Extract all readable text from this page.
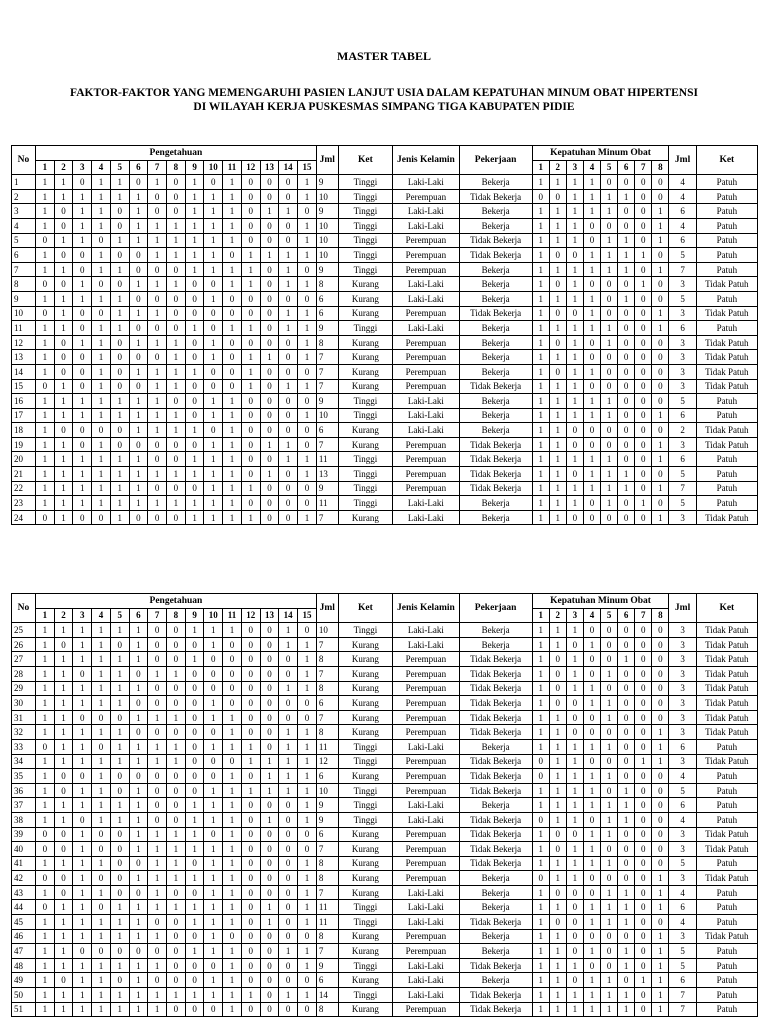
MASTER TABEL
FAKTOR-FAKTOR YANG MEMENGARUHI PASIEN LANJUT USIA DALAM KEPATUHAN MINUM OBAT HIPERTENSI
DI WILAYAH KERJA PUSKESMAS SIMPANG TIGA KABUPATEN PIDIE
No	Pengetahuan															Jml	Ket	Jenis Kelamin	Pekerjaan	Kepatuhan Minum Obat								Jml	Ket
	1	2	3	4	5	6	7	8	9	10	11	12	13	14	15					1	2	3	4	5	6	7	8		
1	1	1	0	1	1	0	1	0	1	0	1	0	0	0	1	9	Tinggi	Laki-Laki	Bekerja	1	1	1	1	0	0	0	0	4	Patuh
2	1	1	1	1	1	1	0	0	1	1	1	0	0	0	1	10	Tinggi	Perempuan	Tidak Bekerja	0	0	1	1	1	1	0	0	4	Patuh
3	1	0	1	1	0	1	0	0	1	1	1	0	1	1	0	9	Tinggi	Laki-Laki	Bekerja	1	1	1	1	1	0	0	1	6	Patuh
4	1	0	1	1	0	1	1	1	1	1	1	0	0	0	1	10	Tinggi	Laki-Laki	Bekerja	1	1	1	0	0	0	0	1	4	Patuh
5	0	1	1	0	1	1	1	1	1	1	1	0	0	0	1	10	Tinggi	Perempuan	Tidak Bekerja	1	1	1	0	1	1	0	1	6	Patuh
6	1	0	0	1	0	0	1	1	1	1	0	1	1	1	1	10	Tinggi	Perempuan	Tidak Bekerja	1	0	0	1	1	1	1	0	5	Patuh
7	1	1	0	1	1	0	0	0	1	1	1	1	0	1	0	9	Tinggi	Perempuan	Bekerja	1	1	1	1	1	1	0	1	7	Patuh
8	0	0	1	0	0	1	1	1	0	0	1	1	0	1	1	8	Kurang	Laki-Laki	Bekerja	1	0	1	0	0	0	1	0	3	Tidak Patuh
9	1	1	1	1	1	0	0	0	0	1	0	0	0	0	0	6	Kurang	Laki-Laki	Bekerja	1	1	1	1	0	1	0	0	5	Patuh
10	0	1	0	0	1	1	1	0	0	0	0	0	0	1	1	6	Kurang	Perempuan	Tidak Bekerja	1	0	0	1	0	0	0	1	3	Tidak Patuh
11	1	1	0	1	1	0	0	0	1	0	1	1	0	1	1	9	Tinggi	Laki-Laki	Bekerja	1	1	1	1	1	0	0	1	6	Patuh
12	1	0	1	1	0	1	1	1	0	1	0	0	0	0	1	8	Kurang	Perempuan	Bekerja	1	0	1	0	1	0	0	0	3	Tidak Patuh
13	1	0	0	1	0	0	0	1	0	1	0	1	1	0	1	7	Kurang	Perempuan	Bekerja	1	1	1	0	0	0	0	0	3	Tidak Patuh
14	1	0	0	1	0	1	1	1	1	0	0	1	0	0	0	7	Kurang	Perempuan	Bekerja	1	0	1	1	0	0	0	0	3	Tidak Patuh
15	0	1	0	1	0	0	1	1	0	0	0	1	0	1	1	7	Kurang	Perempuan	Tidak Bekerja	1	1	1	0	0	0	0	0	3	Tidak Patuh
16	1	1	1	1	1	1	1	0	0	1	1	0	0	0	0	9	Tinggi	Laki-Laki	Bekerja	1	1	1	1	1	0	0	0	5	Patuh
17	1	1	1	1	1	1	1	1	0	1	1	0	0	0	1	10	Tinggi	Laki-Laki	Bekerja	1	1	1	1	1	0	0	1	6	Patuh
18	1	0	0	0	0	1	1	1	1	0	1	0	0	0	0	6	Kurang	Laki-Laki	Bekerja	1	1	0	0	0	0	0	0	2	Tidak Patuh
19	1	1	0	1	0	0	0	0	0	1	1	0	1	1	0	7	Kurang	Perempuan	Tidak Bekerja	1	1	0	0	0	0	0	1	3	Tidak Patuh
20	1	1	1	1	1	1	0	0	1	1	1	0	0	1	1	11	Tinggi	Perempuan	Tidak Bekerja	1	1	1	1	1	0	0	1	6	Patuh
21	1	1	1	1	1	1	1	1	1	1	1	0	1	0	1	13	Tinggi	Perempuan	Tidak Bekerja	1	1	0	1	1	1	0	0	5	Patuh
22	1	1	1	1	1	1	0	0	0	1	1	1	0	0	0	9	Tinggi	Perempuan	Tidak Bekerja	1	1	1	1	1	1	0	1	7	Patuh
23	1	1	1	1	1	1	1	1	1	1	1	0	0	0	0	11	Tinggi	Laki-Laki	Bekerja	1	1	1	0	1	0	1	0	5	Patuh
24	0	1	0	0	1	0	0	0	1	1	1	1	0	0	1	7	Kurang	Laki-Laki	Bekerja	1	1	0	0	0	0	0	1	3	Tidak Patuh
No	Pengetahuan															Jml	Ket	Jenis Kelamin	Pekerjaan	Kepatuhan Minum Obat								Jml	Ket
	1	2	3	4	5	6	7	8	9	10	11	12	13	14	15					1	2	3	4	5	6	7	8		
25	1	1	1	1	1	1	0	0	1	1	1	0	0	1	0	10	Tinggi	Laki-Laki	Bekerja	1	1	1	0	0	0	0	0	3	Tidak Patuh
26	1	0	1	1	0	1	0	0	0	1	0	0	0	1	1	7	Kurang	Laki-Laki	Bekerja	1	1	0	1	0	0	0	0	3	Tidak Patuh
27	1	1	1	1	1	1	0	0	1	0	0	0	0	0	1	8	Kurang	Perempuan	Tidak Bekerja	1	0	1	0	0	1	0	0	3	Tidak Patuh
28	1	1	0	1	1	0	1	1	0	0	0	0	0	0	1	7	Kurang	Perempuan	Tidak Bekerja	1	0	1	0	1	0	0	0	3	Tidak Patuh
29	1	1	1	1	1	1	0	0	0	0	0	0	0	1	1	8	Kurang	Perempuan	Tidak Bekerja	1	0	1	1	0	0	0	0	3	Tidak Patuh
30	1	1	1	1	1	0	0	0	0	1	0	0	0	0	0	6	Kurang	Perempuan	Tidak Bekerja	1	0	0	1	1	0	0	0	3	Tidak Patuh
31	1	1	0	0	0	1	1	1	0	1	1	0	0	0	0	7	Kurang	Perempuan	Tidak Bekerja	1	1	0	0	1	0	0	0	3	Tidak Patuh
32	1	1	1	1	1	0	0	0	0	0	1	0	0	1	1	8	Kurang	Perempuan	Tidak Bekerja	1	1	0	0	0	0	0	1	3	Tidak Patuh
33	0	1	1	0	1	1	1	1	0	1	1	1	0	1	1	11	Tinggi	Laki-Laki	Bekerja	1	1	1	1	1	0	0	1	6	Patuh
34	1	1	1	1	1	1	1	1	0	0	0	1	1	1	1	12	Tinggi	Perempuan	Tidak Bekerja	0	1	1	0	0	0	1	1	3	Tidak Patuh
35	1	0	0	1	0	0	0	0	0	0	1	0	1	1	1	6	Kurang	Perempuan	Tidak Bekerja	0	1	1	1	1	0	0	0	4	Patuh
36	1	0	1	1	0	1	0	0	0	1	1	1	1	1	1	10	Tinggi	Perempuan	Tidak Bekerja	1	1	1	1	0	1	0	0	5	Patuh
37	1	1	1	1	1	1	0	0	1	1	1	0	0	0	1	9	Tinggi	Laki-Laki	Bekerja	1	1	1	1	1	1	0	0	6	Patuh
38	1	1	0	1	1	1	0	0	1	1	1	0	1	0	1	9	Tinggi	Laki-Laki	Tidak Bekerja	0	1	1	0	1	1	0	0	4	Patuh
39	0	0	1	0	0	1	1	1	1	0	1	0	0	0	0	6	Kurang	Perempuan	Tidak Bekerja	1	0	0	1	1	0	0	0	3	Tidak Patuh
40	0	0	1	0	0	1	1	1	1	1	1	0	0	0	0	7	Kurang	Perempuan	Tidak Bekerja	1	0	1	1	0	0	0	0	3	Tidak Patuh
41	1	1	1	1	0	0	1	1	0	1	1	0	0	0	1	8	Kurang	Perempuan	Tidak Bekerja	1	1	1	1	1	0	0	0	5	Patuh
42	0	0	1	0	0	1	1	1	1	1	1	0	0	0	1	8	Kurang	Perempuan	Bekerja	0	1	1	0	0	0	0	1	3	Tidak Patuh
43	1	0	1	1	0	0	1	0	0	1	1	0	0	0	1	7	Kurang	Laki-Laki	Bekerja	1	0	0	0	1	1	0	1	4	Patuh
44	0	1	1	0	1	1	1	1	1	1	1	0	1	0	1	11	Tinggi	Laki-Laki	Bekerja	1	1	0	1	1	1	0	1	6	Patuh
45	1	1	1	1	1	1	0	0	1	1	1	0	1	0	1	11	Tinggi	Laki-Laki	Tidak Bekerja	1	0	0	1	1	1	0	0	4	Patuh
46	1	1	1	1	1	1	1	0	0	1	0	0	0	0	0	8	Kurang	Perempuan	Bekerja	1	1	0	0	0	0	0	1	3	Tidak Patuh
47	1	1	0	0	0	0	0	0	1	1	1	0	0	1	1	7	Kurang	Perempuan	Bekerja	1	1	0	1	0	1	0	1	5	Patuh
48	1	1	1	1	1	1	1	0	0	0	1	0	0	0	1	9	Tinggi	Laki-Laki	Tidak Bekerja	1	1	1	0	0	1	0	1	5	Patuh
49	1	0	1	1	0	1	0	0	0	1	1	0	0	0	0	6	Kurang	Laki-Laki	Bekerja	1	1	0	1	1	0	1	1	6	Patuh
50	1	1	1	1	1	1	1	1	1	1	1	1	0	1	1	14	Tinggi	Laki-Laki	Tidak Bekerja	1	1	1	1	1	1	0	1	7	Patuh
51	1	1	1	1	1	1	1	0	0	0	1	0	0	0	0	8	Kurang	Perempuan	Tidak Bekerja	1	1	1	1	1	1	0	1	7	Patuh
